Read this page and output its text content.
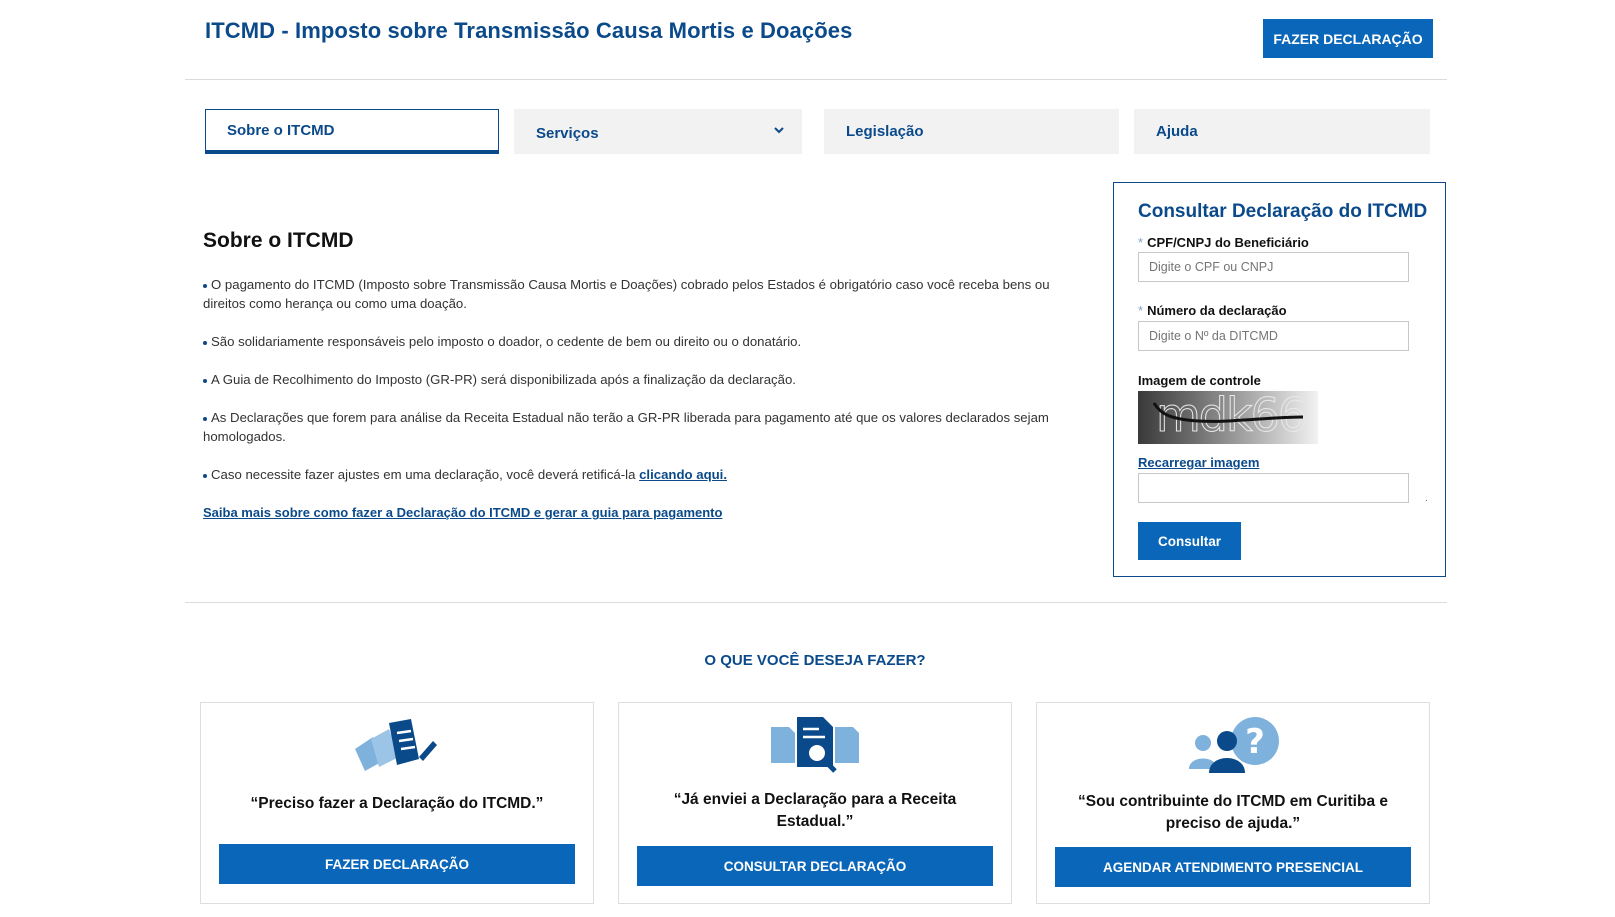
ITCMD - Imposto sobre Transmissão Causa Mortis e Doações	FAZER DECLARAÇÃO
Sobre o ITCMD	Serviços	Legislação	Ajuda
Sobre o ITCMD
O pagamento do ITCMD (Imposto sobre Transmissão Causa Mortis e Doações) cobrado pelos Estados é obrigatório caso você receba bens ou direitos como herança ou como uma doação.
São solidariamente responsáveis pelo imposto o doador, o cedente de bem ou direito ou o donatário.
A Guia de Recolhimento do Imposto (GR-PR) será disponibilizada após a finalização da declaração.
As Declarações que forem para análise da Receita Estadual não terão a GR-PR liberada para pagamento até que os valores declarados sejam homologados.
Caso necessite fazer ajustes em uma declaração, você deverá retificá-la clicando aqui.
Saiba mais sobre como fazer a Declaração do ITCMD e gerar a guia para pagamento
Consultar Declaração do ITCMD
* CPF/CNPJ do Beneficiário
Digite o CPF ou CNPJ
* Número da declaração
Digite o Nº da DITCMD
Imagem de controle
mdk66
Recarregar imagem
.
Consultar
O QUE VOCÊ DESEJA FAZER?
“Preciso fazer a Declaração do ITCMD.”
FAZER DECLARAÇÃO
“Já enviei a Declaração para a Receita Estadual.”
CONSULTAR DECLARAÇÃO
?
“Sou contribuinte do ITCMD em Curitiba e preciso de ajuda.”
AGENDAR ATENDIMENTO PRESENCIAL
